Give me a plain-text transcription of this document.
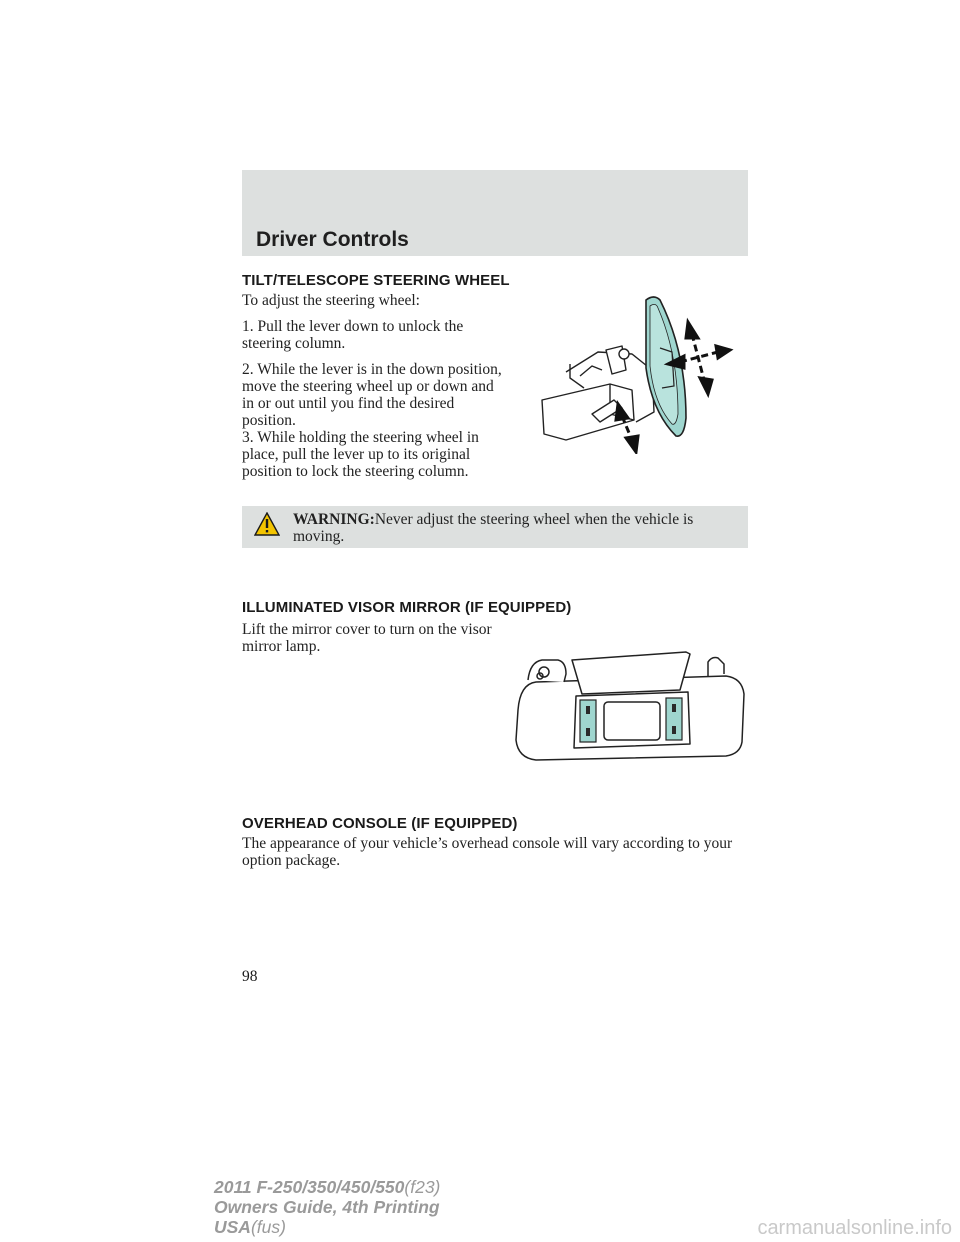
Driver Controls
TILT/TELESCOPE STEERING WHEEL
To adjust the steering wheel:
1. Pull the lever down to unlock the steering column.
2. While the lever is in the down position, move the steering wheel up or down and in or out until you find the desired position.
3. While holding the steering wheel in place, pull the lever up to its original position to lock the steering column.
WARNING:Never adjust the steering wheel when the vehicle is moving.
ILLUMINATED VISOR MIRROR (IF EQUIPPED)
Lift the mirror cover to turn on the visor mirror lamp.
OVERHEAD CONSOLE (IF EQUIPPED)
The appearance of your vehicle’s overhead console will vary according to your option package.
98
2011 F-250/350/450/550(f23)
Owners Guide, 4th Printing
USA(fus)	carmanualsonline.info
